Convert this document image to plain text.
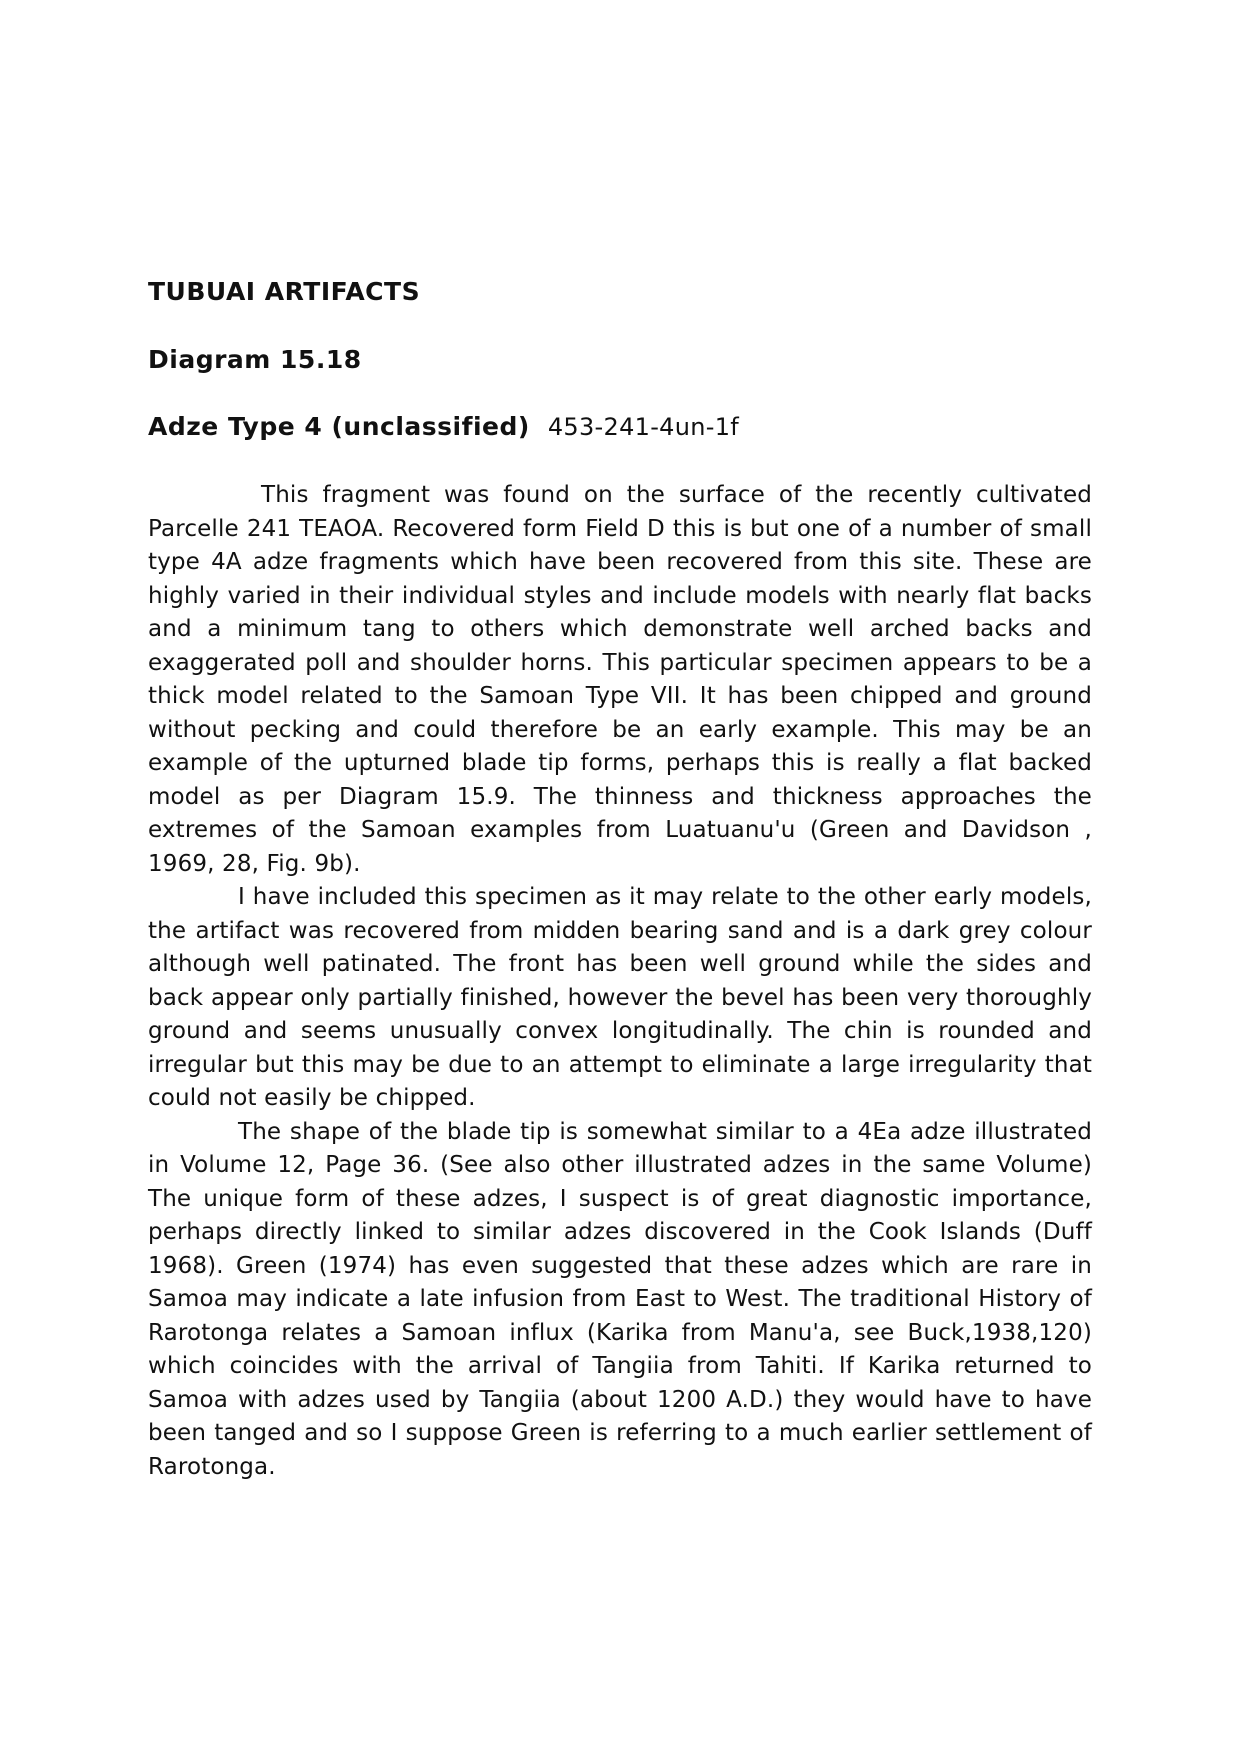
TUBUAI ARTIFACTS
Diagram 15.18
Adze Type 4 (unclassified) 453-241-4un-1f

This fragment was found on the surface of the recently cultivated Parcelle 241 TEAOA. Recovered form Field D this is but one of a number of small type 4A adze fragments which have been recovered from this site. These are highly varied in their individual styles and include models with nearly flat backs and a minimum tang to others which demonstrate well arched backs and exaggerated poll and shoulder horns. This particular specimen appears to be a thick model related to the Samoan Type VII. It has been chipped and ground without pecking and could therefore be an early example. This may be an example of the upturned blade tip forms, perhaps this is really a flat backed model as per Diagram 15.9. The thinness and thickness approaches the extremes of the Samoan examples from Luatuanu'u (Green and Davidson , 1969, 28, Fig. 9b).

I have included this specimen as it may relate to the other early models, the artifact was recovered from midden bearing sand and is a dark grey colour although well patinated. The front has been well ground while the sides and back appear only partially finished, however the bevel has been very thoroughly ground and seems unusually convex longitudinally. The chin is rounded and irregular but this may be due to an attempt to eliminate a large irregularity that could not easily be chipped.

The shape of the blade tip is somewhat similar to a 4Ea adze illustrated in Volume 12, Page 36. (See also other illustrated adzes in the same Volume) The unique form of these adzes, I suspect is of great diagnostic importance, perhaps directly linked to similar adzes discovered in the Cook Islands (Duff 1968). Green (1974) has even suggested that these adzes which are rare in Samoa may indicate a late infusion from East to West. The traditional History of Rarotonga relates a Samoan influx (Karika from Manu'a, see Buck,1938,120) which coincides with the arrival of Tangiia from Tahiti. If Karika returned to Samoa with adzes used by Tangiia (about 1200 A.D.) they would have to have been tanged and so I suppose Green is referring to a much earlier settlement of Rarotonga.
